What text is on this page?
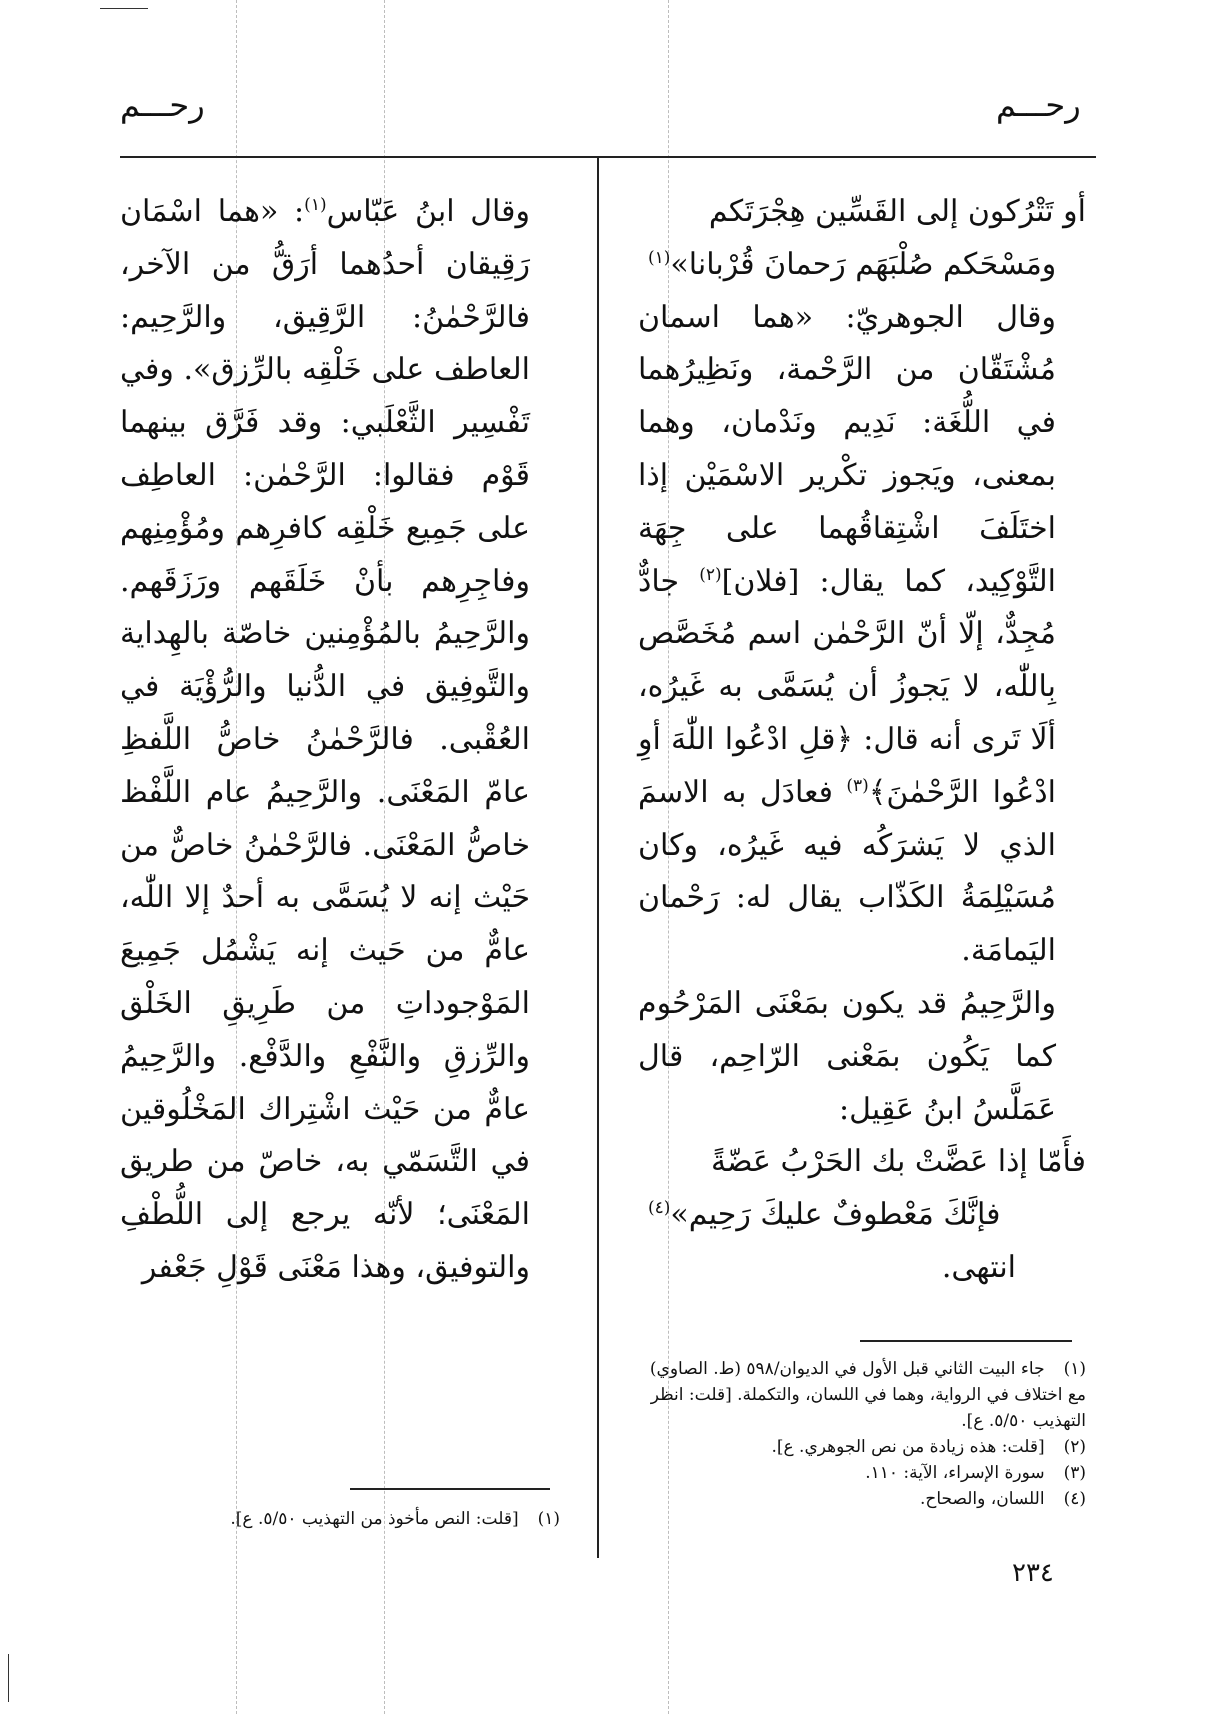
رحـــم	رحـــم
أو تَتْرُكون إلى القَسِّين هِجْرَتَكم
ومَسْحَكم صُلْبَهَم رَحمانَ قُرْبانا»$^{(١)}$

وقال الجوهريّ: «هما اسمان مُشْتَقّان من الرَّحْمة، ونَظِيرُهما في اللُّغَة: نَدِيم ونَدْمان، وهما بمعنى، ويَجوز تكْرير الاسْمَيْن إذا اختَلَفَ اشْتِقاقُهما على جِهَة التَّوْكِيد، كما يقال: [فلان]$^{(٢)}$ جادٌّ مُجِدٌّ، إلّا أنّ الرَّحْمٰن اسم مُخَصَّص بِاللّٰه، لا يَجوزُ أن يُسَمَّى به غَيرُه، ألَا تَرى أنه قال: ﴿قلِ ادْعُوا اللّٰهَ أوِ ادْعُوا الرَّحْمٰنَ﴾$^{(٣)}$ فعادَل به الاسمَ الذي لا يَشرَكُه فيه غَيرُه، وكان مُسَيْلِمَةُ الكَذّاب يقال له: رَحْمان اليَمامَة.

والرَّحِيمُ قد يكون بمَعْنَى المَرْحُوم كما يَكُون بمَعْنى الرّاحِم، قال عَمَلَّسُ ابنُ عَقِيل:

فأَمّا إذا عَضَّتْ بك الحَرْبُ عَضّةً
فإنَّكَ مَعْطوفٌ عليكَ رَحِيم»$^{(٤)}$
انتهى.
(١) جاء البيت الثاني قبل الأول في الديوان/٥٩٨ (ط. الصاوي) مع اختلاف في الرواية، وهما في اللسان، والتكملة. [قلت: انظر التهذيب ٥/٥٠. ع].
(٢) [قلت: هذه زيادة من نص الجوهري. ع].
(٣) سورة الإسراء، الآية: ١١٠.
(٤) اللسان، والصحاح.

وقال ابنُ عَبّاس$^{(١)}$: «هما اسْمَان رَقِيقان أحدُهما أرَقُّ من الآخر، فالرَّحْمٰنُ: الرَّقِيق، والرَّحِيم: العاطف على خَلْقِه بالرِّزق». وفي تَفْسِير الثَّعْلَبي: وقد فَرَّق بينهما قَوْم فقالوا: الرَّحْمٰن: العاطِف على جَمِيع خَلْقِه كافرِهم ومُؤْمِنِهم وفاجِرِهم بأنْ خَلَقَهم ورَزَقَهم. والرَّحِيمُ بالمُؤْمِنين خاصّة بالهِداية والتَّوفِيق في الدُّنيا والرُّؤْيَة في العُقْبى. فالرَّحْمٰنُ خاصُّ اللَّفظِ عامّ المَعْنَى. والرَّحِيمُ عام اللَّفْظ خاصُّ المَعْنَى. فالرَّحْمٰنُ خاصٌّ من حَيْث إنه لا يُسَمَّى به أحدٌ إلا اللّٰه، عامٌّ من حَيث إنه يَشْمُل جَمِيعَ المَوْجوداتِ من طَرِيقِ الخَلْق والرِّزقِ والنَّفْعِ والدَّفْع. والرَّحِيمُ عامٌّ من حَيْث اشْتِراك المَخْلُوقين في التَّسَمّي به، خاصّ من طريق المَعْنَى؛ لأنّه يرجع إلى اللُّطْفِ والتوفيق، وهذا مَعْنَى قَوْلِ جَعْفر

(١) [قلت: النص مأخوذ من التهذيب ٥/٥٠. ع].
٢٣٤
